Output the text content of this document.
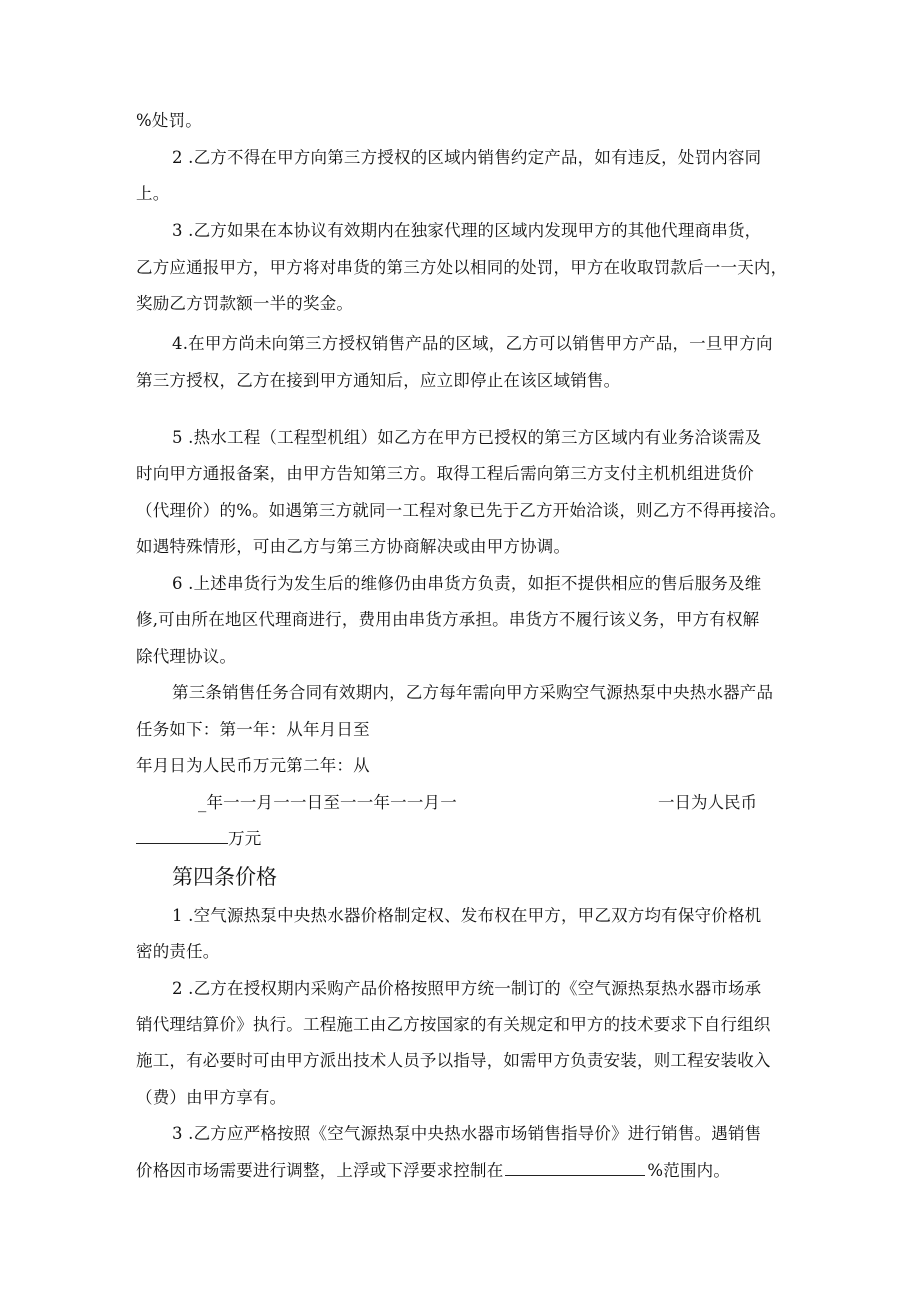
%处罚。
2 .乙方不得在甲方向第三方授权的区域内销售约定产品，如有违反，处罚内容同
上。
3 .乙方如果在本协议有效期内在独家代理的区域内发现甲方的其他代理商串货，
乙方应通报甲方，甲方将对串货的第三方处以相同的处罚，甲方在收取罚款后一一天内，
奖励乙方罚款额一半的奖金。
4.在甲方尚未向第三方授权销售产品的区域，乙方可以销售甲方产品，一旦甲方向
第三方授权，乙方在接到甲方通知后，应立即停止在该区域销售。
5 .热水工程（工程型机组）如乙方在甲方已授权的第三方区域内有业务洽谈需及
时向甲方通报备案，由甲方告知第三方。取得工程后需向第三方支付主机机组进货价
（代理价）的%。如遇第三方就同一工程对象已先于乙方开始洽谈，则乙方不得再接洽。
如遇特殊情形，可由乙方与第三方协商解决或由甲方协调。
6 .上述串货行为发生后的维修仍由串货方负责，如拒不提供相应的售后服务及维
修,可由所在地区代理商进行，费用由串货方承担。串货方不履行该义务，甲方有权解
除代理协议。
第三条销售任务合同有效期内，乙方每年需向甲方采购空气源热泵中央热水器产品
任务如下：第一年：从年月日至
年月日为人民币万元第二年：从
_年一一月一一日至一一年一一月一	一日为人民币
万元
第四条价格
1 .空气源热泵中央热水器价格制定权、发布权在甲方，甲乙双方均有保守价格机
密的责任。
2 .乙方在授权期内采购产品价格按照甲方统一制订的《空气源热泵热水器市场承
销代理结算价》执行。工程施工由乙方按国家的有关规定和甲方的技术要求下自行组织
施工，有必要时可由甲方派出技术人员予以指导，如需甲方负责安装，则工程安装收入
（费）由甲方享有。
3 .乙方应严格按照《空气源热泵中央热水器市场销售指导价》进行销售。遇销售
价格因市场需要进行调整，上浮或下浮要求控制在	%范围内。
